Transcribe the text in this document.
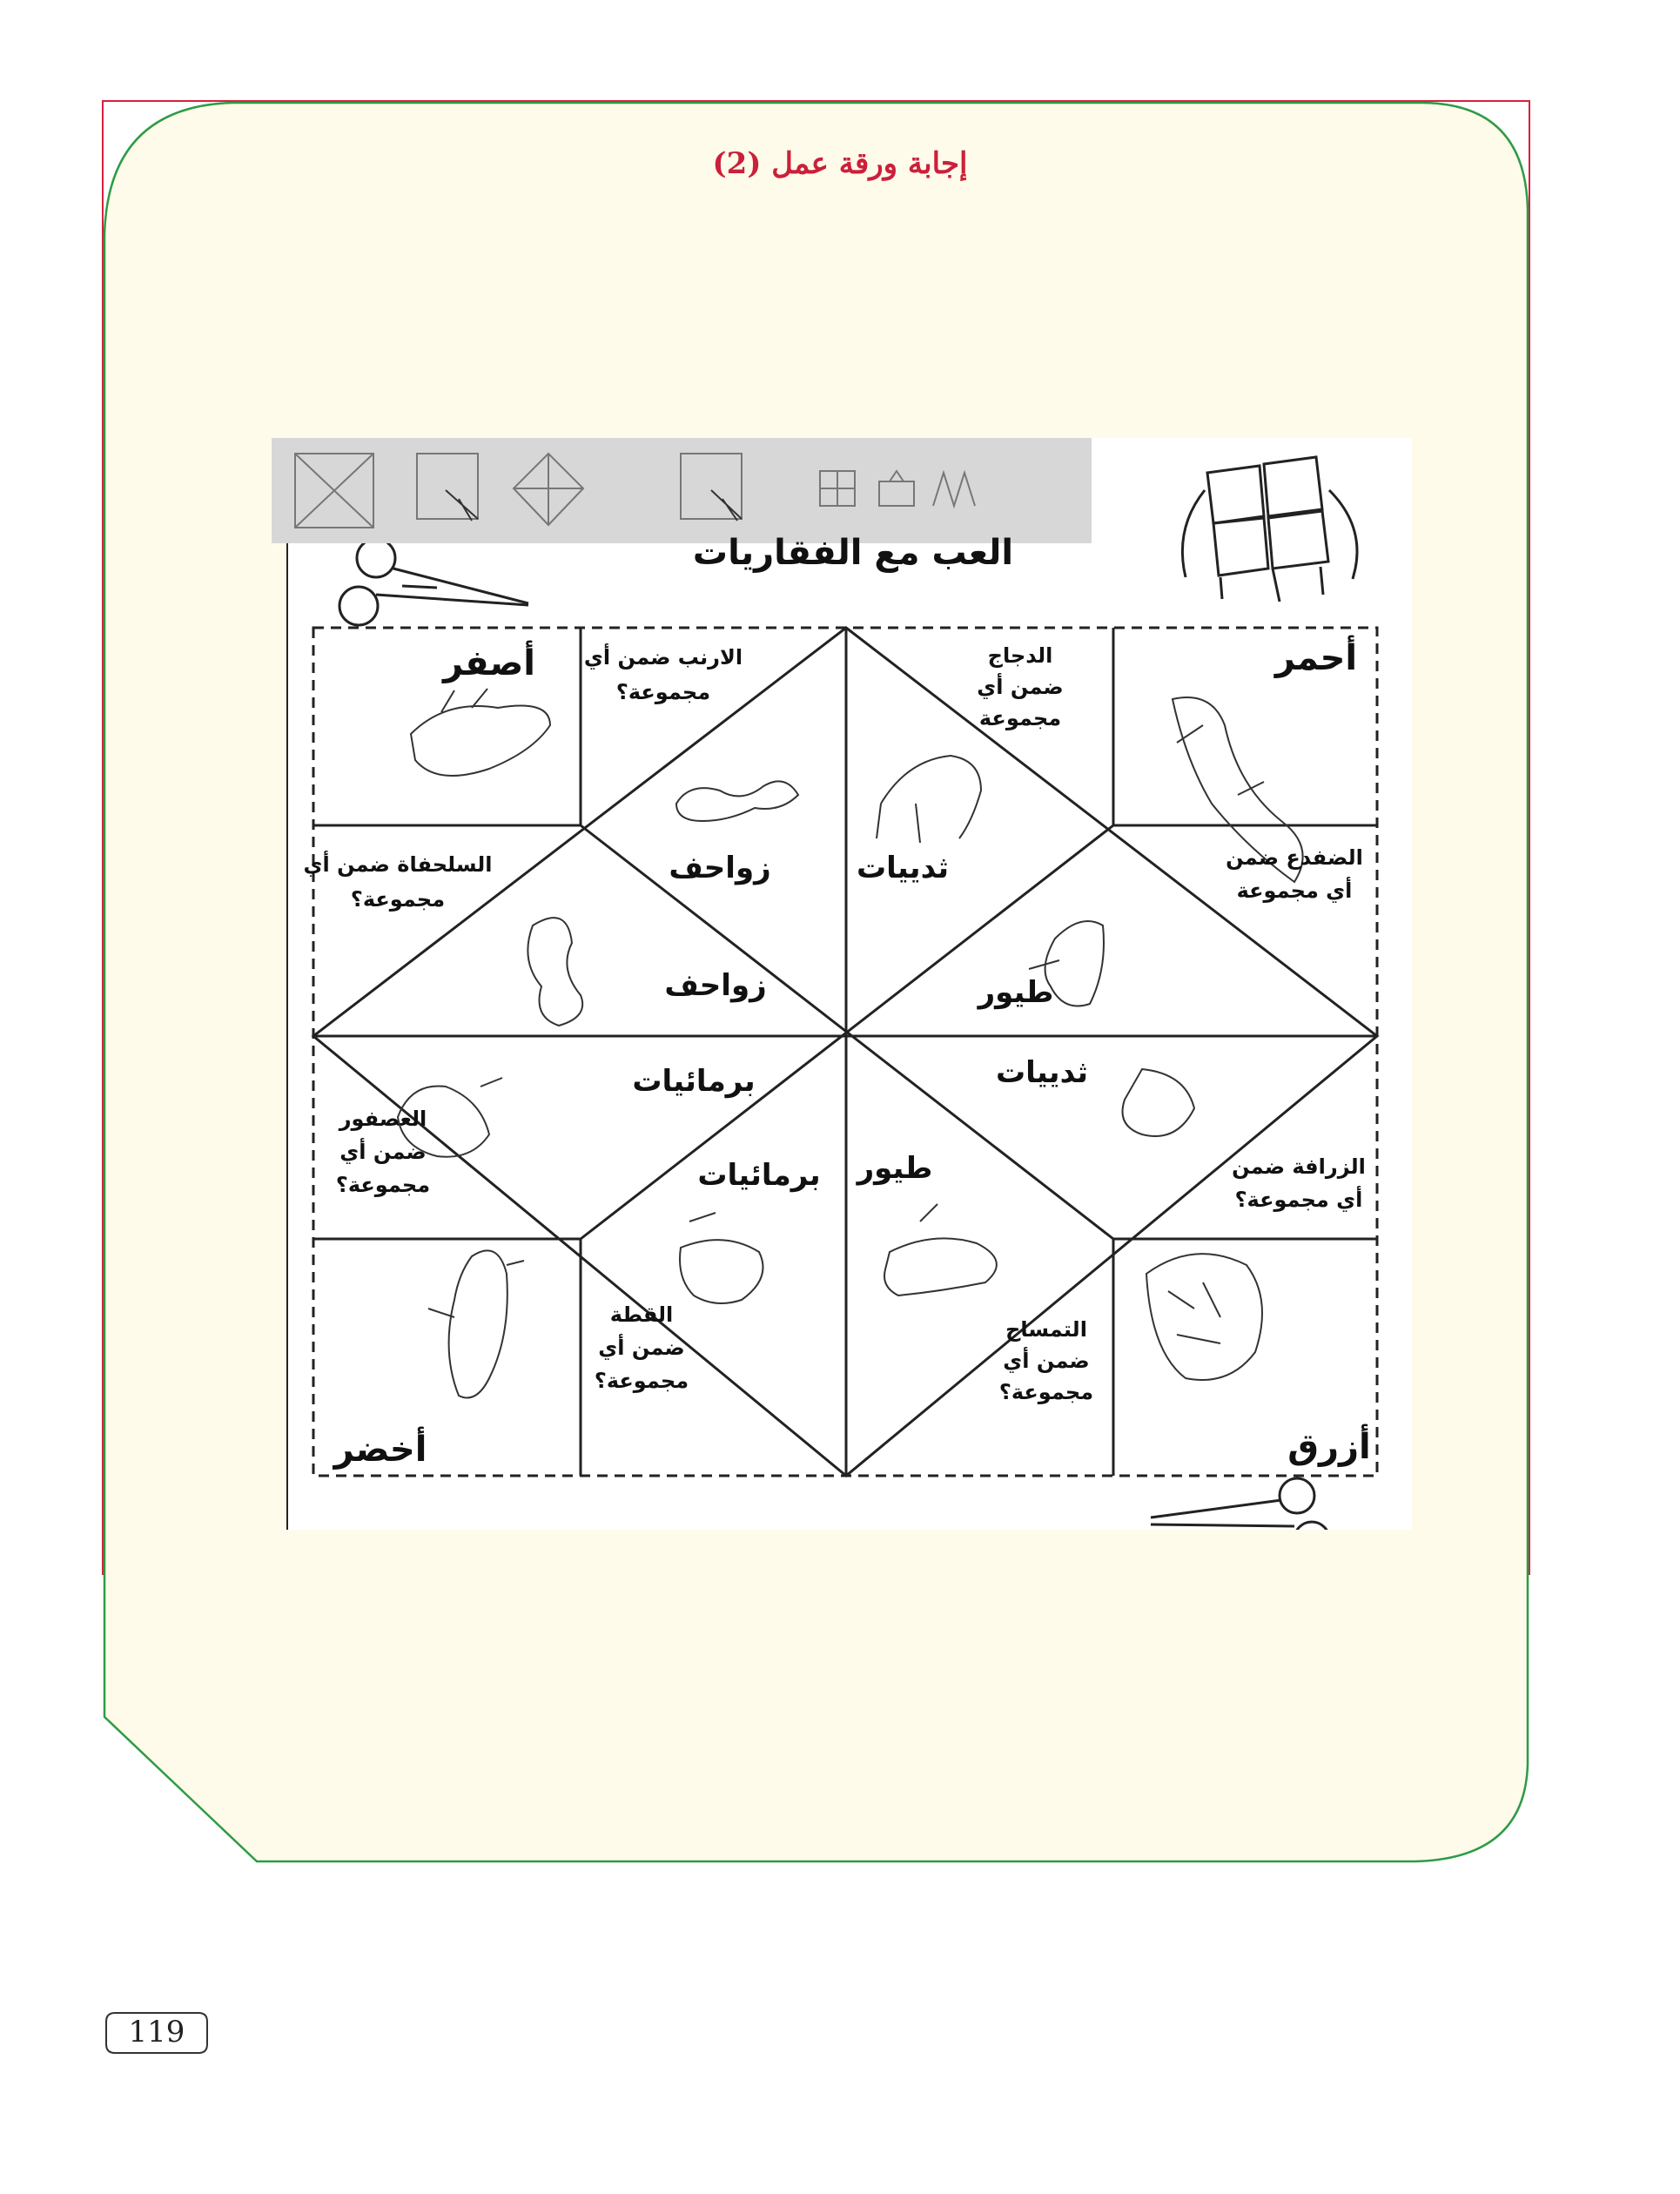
إجابة ورقة عمل (2)
أصفر	أحمر
أخضر	أزرق
الارنب ضمن أي مجموعة؟
الدجاج ضمن أي مجموعة
السلحفاة ضمن أي مجموعة؟
الضفدع ضمن أي مجموعة
العصفور ضمن أي مجموعة؟
الزرافة ضمن أي مجموعة؟
القطة ضمن أي مجموعة؟
التمساح ضمن أي مجموعة؟
زواحف	ثدييات
زواحف	طيور
برمائيات	ثدييات
برمائيات طيور
العب مع الفقاريات
119
